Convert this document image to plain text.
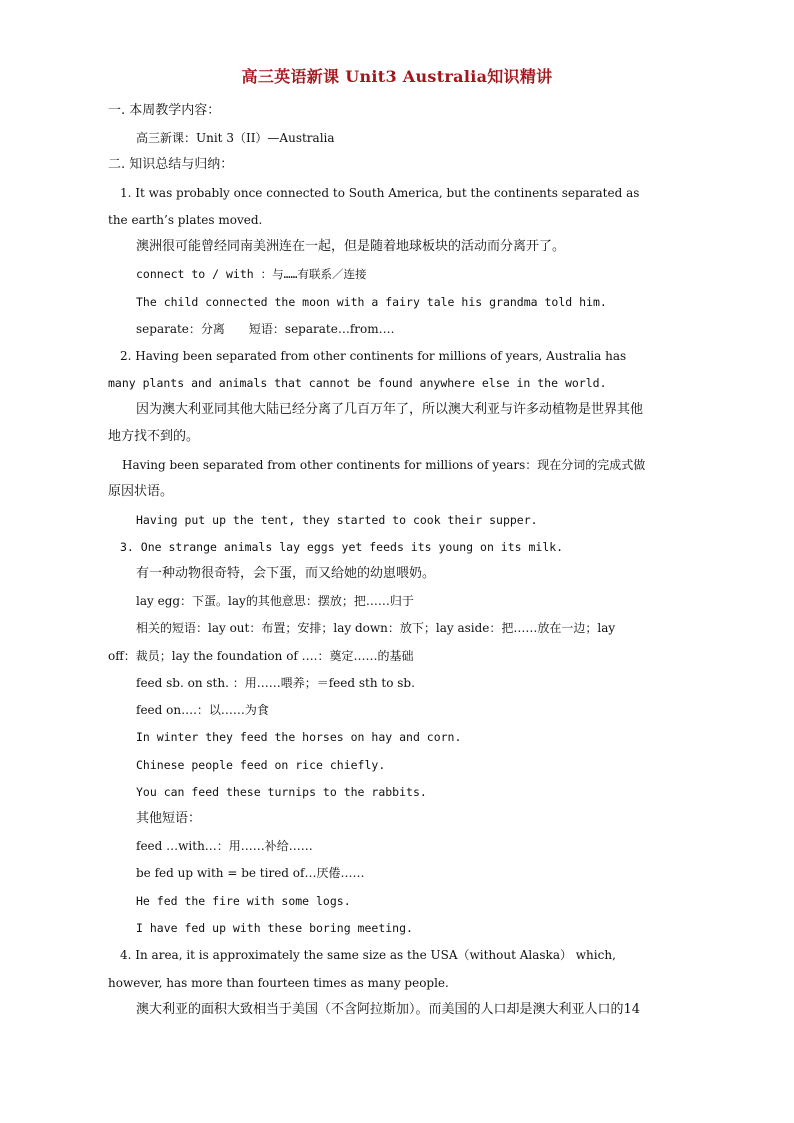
高三英语新课 Unit3 Australia知识精讲
一. 本周教学内容：
高三新课：Unit 3（II）—Australia
二. 知识总结与归纳：
1. It was probably once connected to South America, but the continents separated as
the earth’s plates moved.
澳洲很可能曾经同南美洲连在一起，但是随着地球板块的活动而分离开了。
connect to / with ：与……有联系／连接
The child connected the moon with a fairy tale his grandma told him.
separate：分离　　短语：separate…from….
2. Having been separated from other continents for millions of years, Australia has
many plants and animals that cannot be found anywhere else in the world.
因为澳大利亚同其他大陆已经分离了几百万年了，所以澳大利亚与许多动植物是世界其他
地方找不到的。
Having been separated from other continents for millions of years：现在分词的完成式做
原因状语。
Having put up the tent, they started to cook their supper.
3. One strange animals lay eggs yet feeds its young on its milk.
有一种动物很奇特，会下蛋，而又给她的幼崽喂奶。
lay egg：下蛋。lay的其他意思：摆放；把……归于
相关的短语：lay out：布置；安排；lay down：放下；lay aside：把……放在一边；lay
off：裁员；lay the foundation of ….：奠定……的基础
feed sb. on sth. ：用……喂养；＝feed sth to sb.
feed on….：以……为食
In winter they feed the horses on hay and corn.
Chinese people feed on rice chiefly.
You can feed these turnips to the rabbits.
其他短语：
feed …with…：用……补给……
be fed up with = be tired of…厌倦……
He fed the fire with some logs.
I have fed up with these boring meeting.
4. In area, it is approximately the same size as the USA（without Alaska） which,
however, has more than fourteen times as many people.
澳大利亚的面积大致相当于美国（不含阿拉斯加）。而美国的人口却是澳大利亚人口的14
